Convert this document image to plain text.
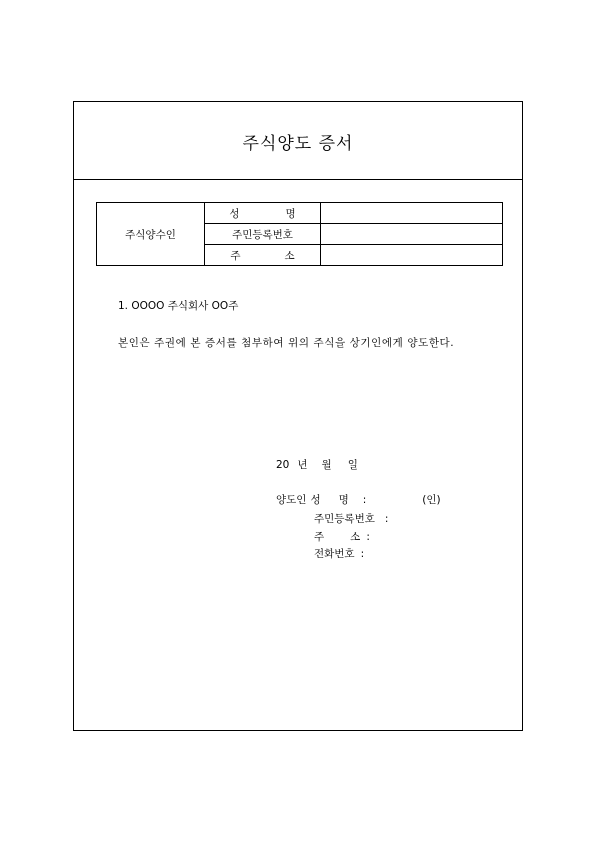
주식양도 증서
주식양수인	성 명	
	주민등록번호	
	주 소	
1. OOOO 주식회사 OO주
본인은 주권에 본 증서를 첨부하여 위의 주식을 상기인에게 양도한다.
20 년 월 일
양도인 성 명 :	(인)
주민등록번호 :
주 소 :
전화번호 :
